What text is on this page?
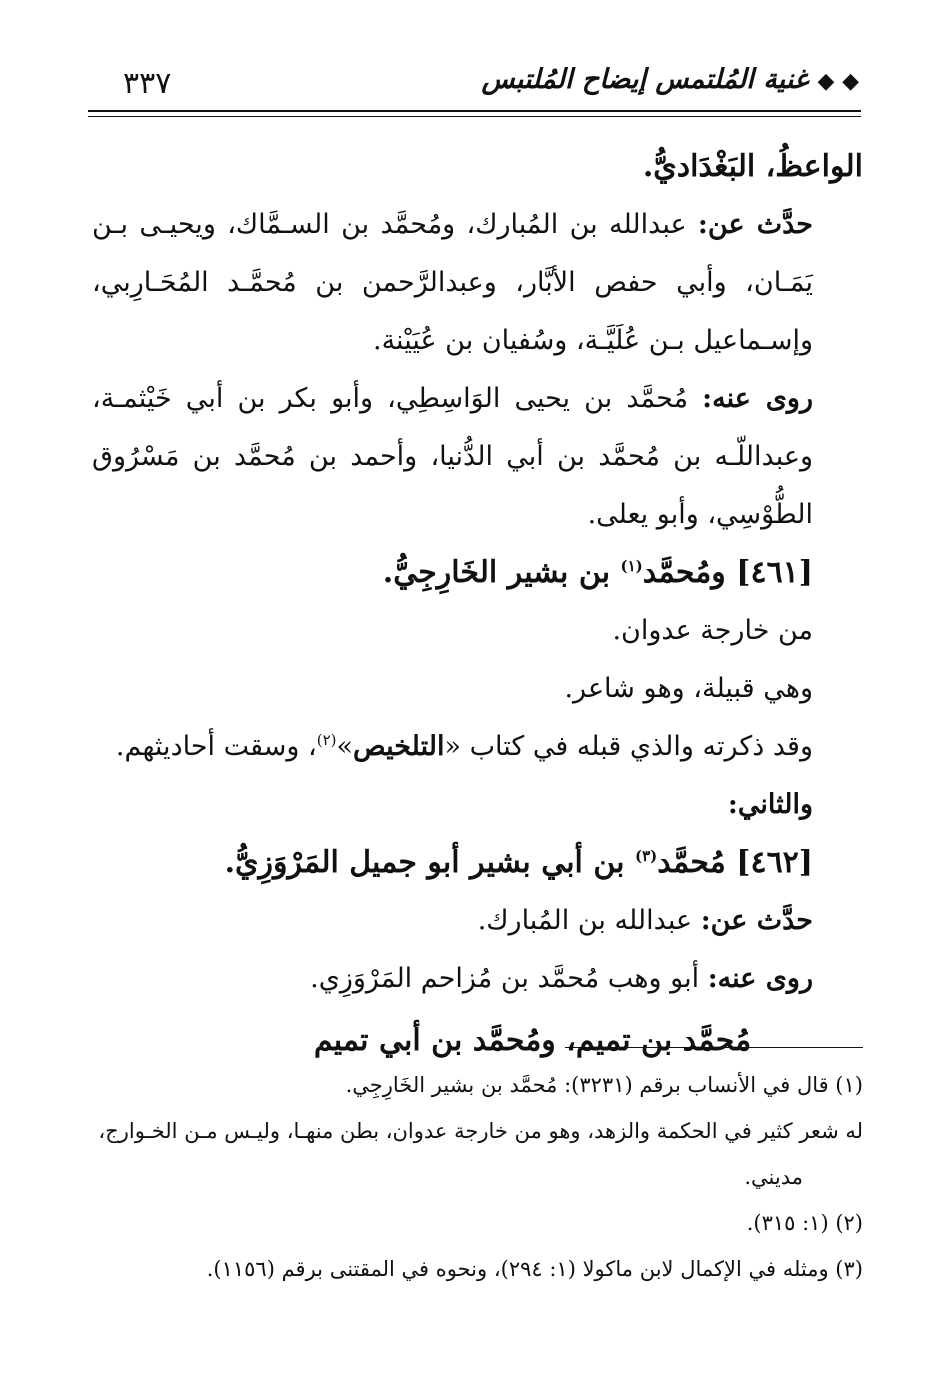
٣٣٧	◆ ◆ غنية المُلتمس إيضاح المُلتبس

الواعظُ، البَغْدَاديُّ.

حدَّث عن: عبدالله بن المُبارك، ومُحمَّد بن السـمَّاك، ويحيـى بـن يَمَـان، وأبي حفص الأبَّار، وعبدالرَّحمن بن مُحمَّـد المُحَـارِبي، وإسـماعيل بـن عُلَيَّـة، وسُفيان بن عُيَيْنة.

روى عنه: مُحمَّد بن يحيى الوَاسِطِي، وأبو بكر بن أبي خَيْثمـة، وعبداللّـه بن مُحمَّد بن أبي الدُّنيا، وأحمد بن مُحمَّد بن مَسْرُوق الطُّوْسِي، وأبو يعلى.

[٤٦١] ومُحمَّد$^{(١)}$ بن بشير الخَارِجِيُّ.

من خارجة عدوان.

وهي قبيلة، وهو شاعر.

وقد ذكرته والذي قبله في كتاب «التلخيص»$^{(٢)}$، وسقت أحاديثهم.

والثاني:

[٤٦٢] مُحمَّد$^{(٣)}$ بن أبي بشير أبو جميل المَرْوَزِيُّ.

حدَّث عن: عبدالله بن المُبارك.

روى عنه: أبو وهب مُحمَّد بن مُزاحم المَرْوَزِي.

مُحمَّد بن تميم، ومُحمَّد بن أبي تميم

(١) قال في الأنساب برقم (٣٢٣١): مُحمَّد بن بشير الخَارِجِي.

له شعر كثير في الحكمة والزهد، وهو من خارجة عدوان، بطن منهـا، وليـس مـن الخـوارج،

مديني.

(٢) (١: ٣١٥).

(٣) ومثله في الإكمال لابن ماكولا (١: ٢٩٤)، ونحوه في المقتنى برقم (١١٥٦).
